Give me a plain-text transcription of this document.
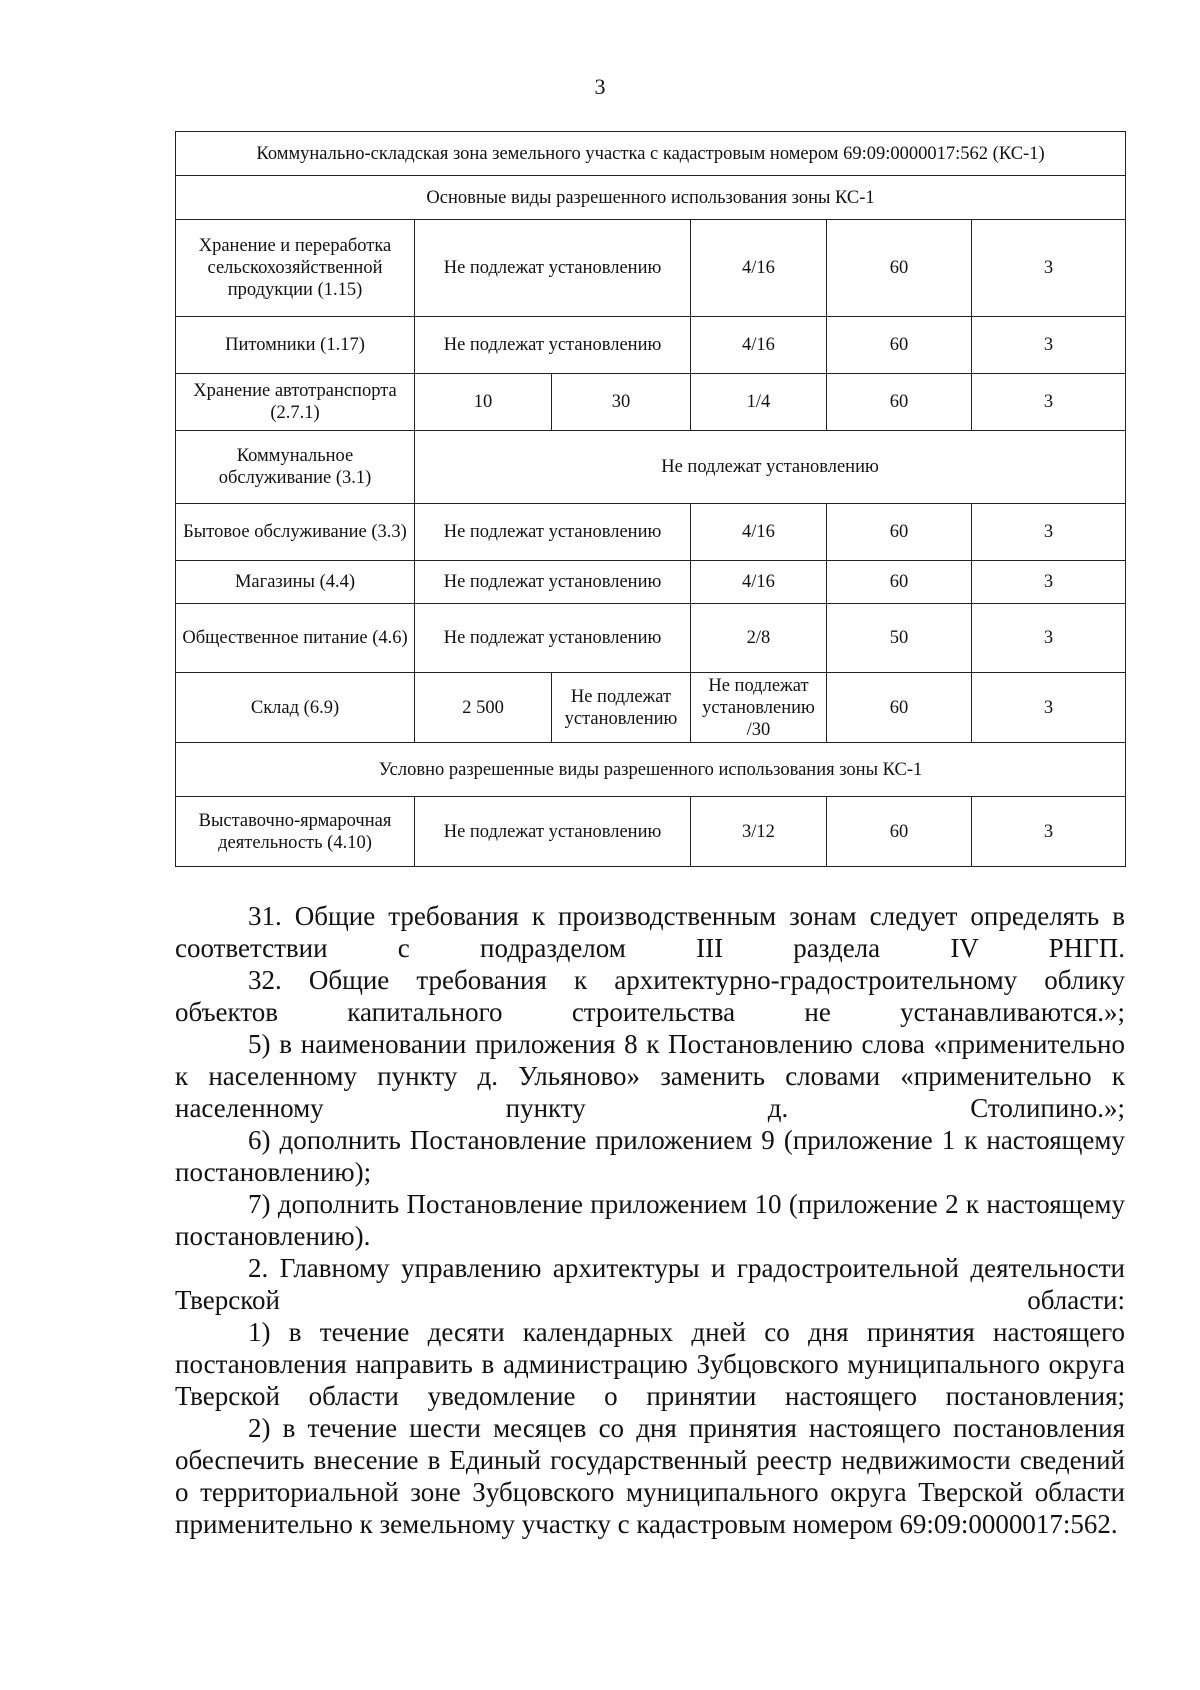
3
Коммунально-складская зона земельного участка с кадастровым номером 69:09:0000017:562 (КС-1)					
Основные виды разрешенного использования зоны КС-1					
Хранение и переработка сельскохозяйственной продукции (1.15)	Не подлежат установлению		4/16	60	3
Питомники (1.17)	Не подлежат установлению		4/16	60	3
Хранение автотранспорта (2.7.1)	10	30	1/4	60	3
Коммунальное обслуживание (3.1)	Не подлежат установлению				
Бытовое обслуживание (3.3)	Не подлежат установлению		4/16	60	3
Магазины (4.4)	Не подлежат установлению		4/16	60	3
Общественное питание (4.6)	Не подлежат установлению		2/8	50	3
Склад (6.9)	2 500	Не подлежат установлению	Не подлежат установлению /30	60	3
Условно разрешенные виды разрешенного использования зоны КС-1					
Выставочно-ярмарочная деятельность (4.10)	Не подлежат установлению		3/12	60	3

31. Общие требования к производственным зонам следует определять в соответствии с подразделом III раздела IV РНГП.

32. Общие требования к архитектурно-градостроительному облику объектов капитального строительства не устанавливаются.»;

5) в наименовании приложения 8 к Постановлению слова «применительно к населенному пункту д. Ульяново» заменить словами «применительно к населенному пункту д. Столипино.»;

6) дополнить Постановление приложением 9 (приложение 1 к настоящему постановлению);

7) дополнить Постановление приложением 10 (приложение 2 к настоящему постановлению).

2. Главному управлению архитектуры и градостроительной деятельности Тверской области:

1) в течение десяти календарных дней со дня принятия настоящего постановления направить в администрацию Зубцовского муниципального округа Тверской области уведомление о принятии настоящего постановления;

2) в течение шести месяцев со дня принятия настоящего постановления обеспечить внесение в Единый государственный реестр недвижимости сведений о территориальной зоне Зубцовского муниципального округа Тверской области применительно к земельному участку с кадастровым номером 69:09:0000017:562.
